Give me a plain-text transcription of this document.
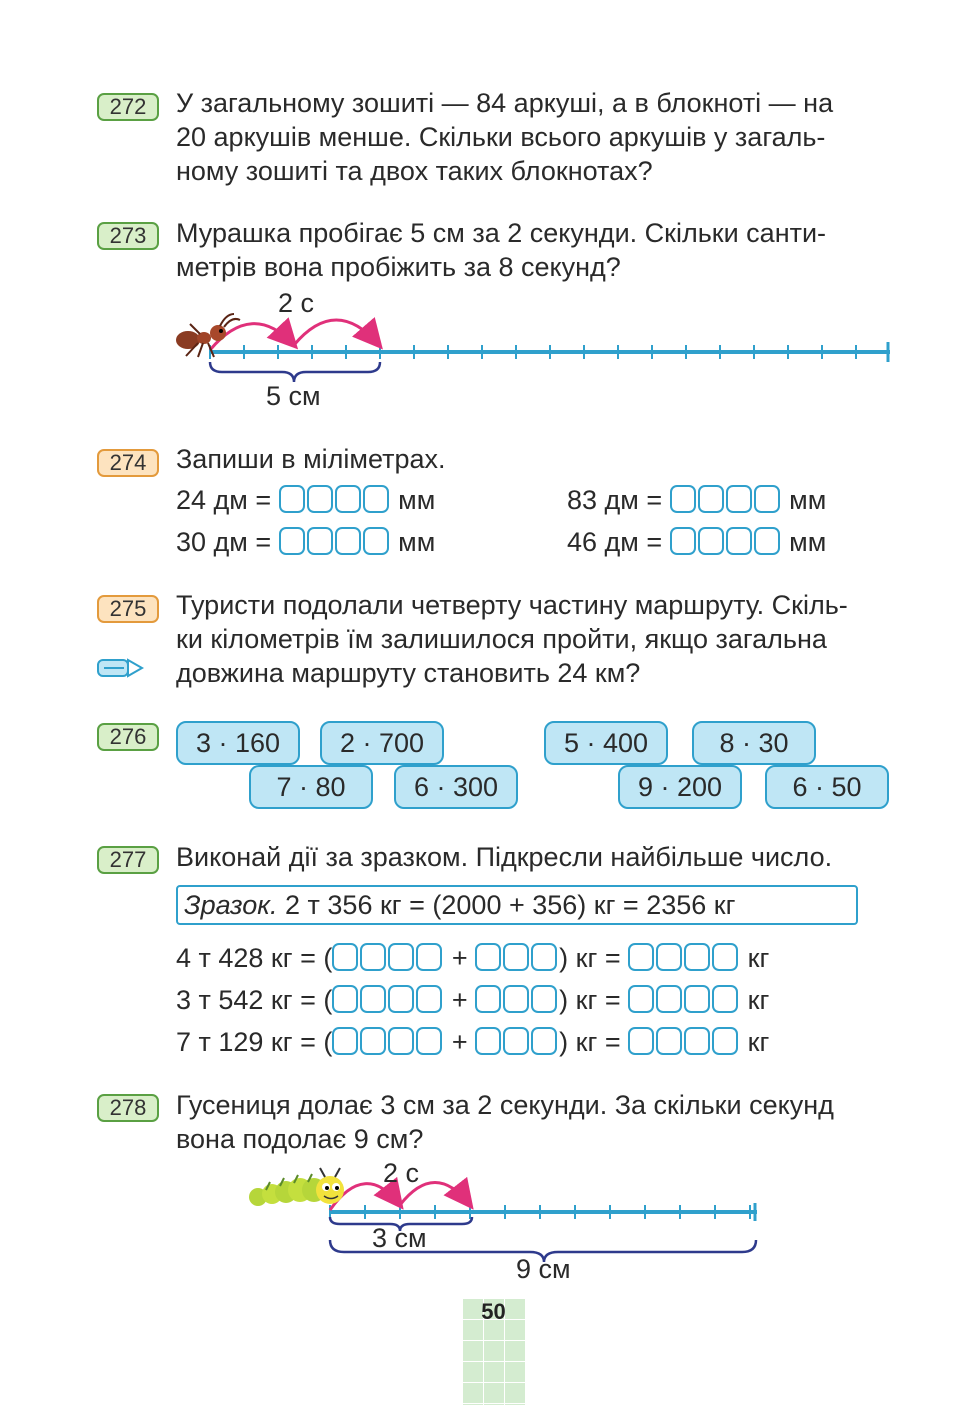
272	У загальному зошиті — 84 аркуші, а в блокноті — на
20 аркушів менше. Скільки всього аркушів у загаль-
ному зошиті та двох таких блокнотах?
273	Мурашка пробігає 5 см за 2 секунди. Скільки санти-
метрів вона пробіжить за 8 секунд?
2 с
5 см
274	Запиши в міліметрах.
24 дм =	мм	83 дм =	мм
30 дм =	мм	46 дм =	мм
275	Туристи подолали четверту частину маршруту. Скіль-
ки кілометрів їм залишилося пройти, якщо загальна
довжина маршруту становить 24 км?
276	3 · 160	2 · 700
7 · 80	6 · 300
5 · 400	8 · 30
9 · 200	6 · 50
277	Виконай дії за зразком. Підкресли найбільше число.
Зразок. 2 т 356 кг = (2000 + 356) кг = 2356 кг
4 т 428 кг = (	+	) кг =	кг
3 т 542 кг = (	+	) кг =	кг
7 т 129 кг = (	+	) кг =	кг
278	Гусениця долає 3 см за 2 секунди. За скільки секунд
вона подолає 9 см?
2 с
3 см
9 см
50
